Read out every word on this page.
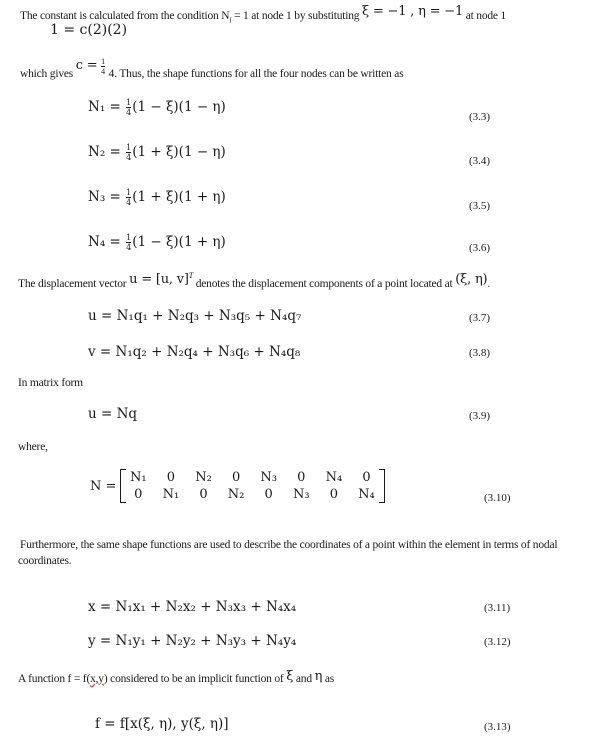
The constant is calculated from the condition $N_i = 1$ at node 1 by substituting ξ = −1 , η = −1 at node 1
1 = c(2)(2)
which gives $c = \frac{1}{4} 4$. Thus, the shape functions for all the four nodes can be written as
$N_1 = \frac{1}{4} (1 - \xi)(1 - \eta)$
(3.3)
$N_2 = \frac{1}{4} (1 + \xi)(1 - \eta)$
(3.4)
$N_3 = \frac{1}{4} (1 + \xi)(1 + \eta)$
(3.5)
$N_4 = \frac{1}{4} (1 - \xi)(1 + \eta)$	(3.6)
The displacement vector u = [u, v]$^T$ denotes the displacement components of a point located at (ξ, η).
u = N₁q₁ + N₂q₃ + N₃q₅ + N₄q₇	(3.7)
v = N₁q₂ + N₂q₄ + N₃q₆ + N₄q₈	(3.8)
In matrix form
u = Nq	(3.9)
where,
N =
N₁	0	N₂	0	N₃	0	N₄	0
0	N₁	0	N₂	0	N₃	0	N₄	(3.10)
Furthermore, the same shape functions are used to describe the coordinates of a point within the element in terms of nodal
coordinates.
x = N₁x₁ + N₂x₂ + N₃x₃ + N₄x₄	(3.11)
y = N₁y₁ + N₂y₂ + N₃y₃ + N₄y₄	(3.12)
A function f = f(x,y) considered to be an implicit function of ξ and η as
f = f[x(ξ, η), y(ξ, η)]	(3.13)
